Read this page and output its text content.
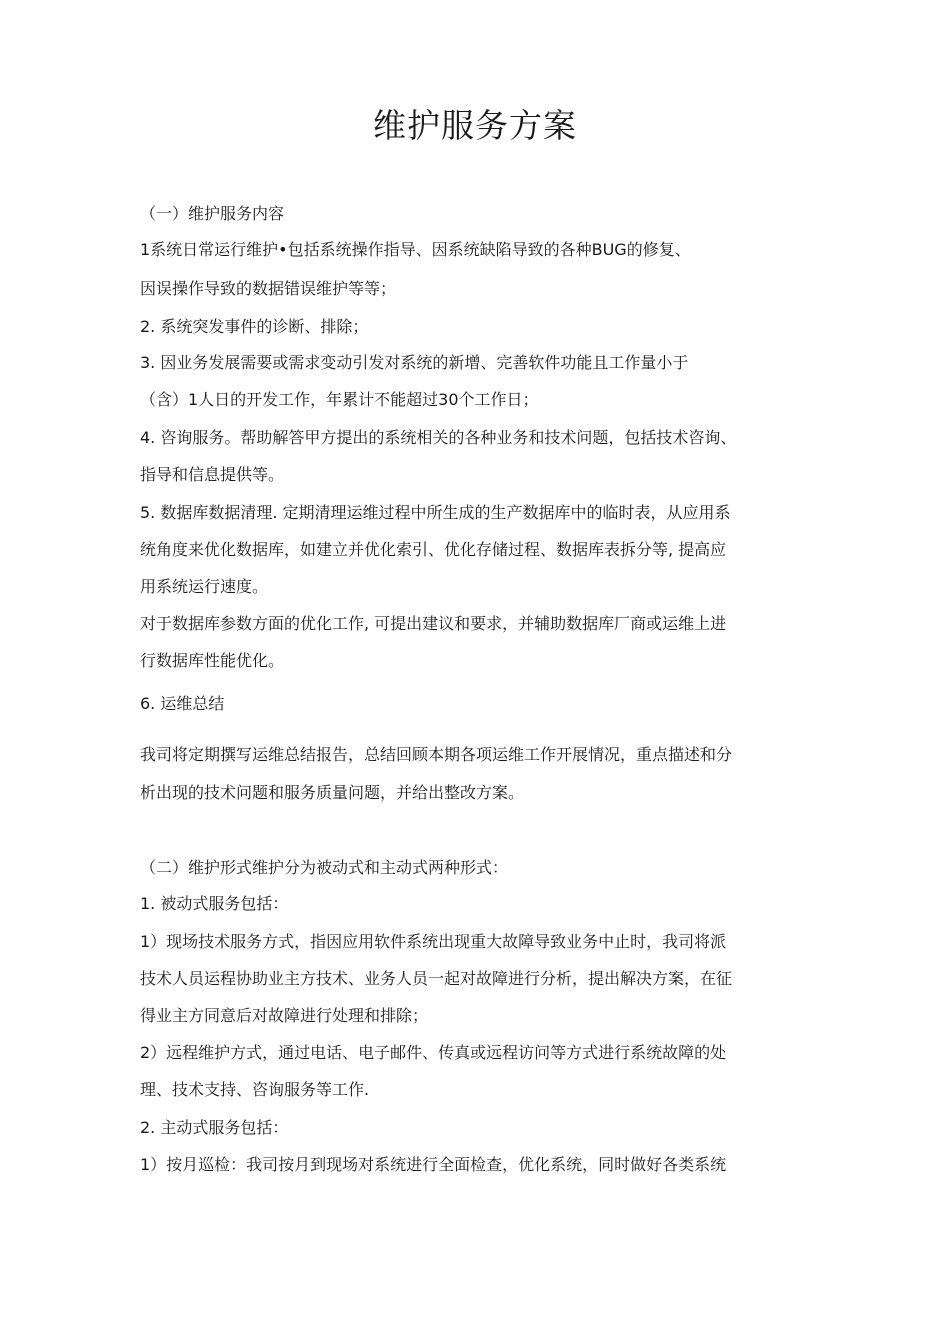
维护服务方案

（一）维护服务内容

1系统日常运行维护•包括系统操作指导、因系统缺陷导致的各种BUG的修复、

因误操作导致的数据错误维护等等；

2. 系统突发事件的诊断、排除；

3. 因业务发展需要或需求变动引发对系统的新增、完善软件功能且工作量小于

（含）1人日的开发工作，年累计不能超过30个工作日；

4. 咨询服务。帮助解答甲方提出的系统相关的各种业务和技术问题，包括技术咨询、

指导和信息提供等。

5. 数据库数据清理. 定期清理运维过程中所生成的生产数据库中的临时表，从应用系

统角度来优化数据库，如建立并优化索引、优化存储过程、数据库表拆分等, 提高应

用系统运行速度。

对于数据库参数方面的优化工作, 可提出建议和要求，并辅助数据库厂商或运维上进

行数据库性能优化。

6. 运维总结

我司将定期撰写运维总结报告，总结回顾本期各项运维工作开展情况，重点描述和分

析出现的技术问题和服务质量问题，并给出整改方案。

（二）维护形式维护分为被动式和主动式两种形式：

1. 被动式服务包括：

1）现场技术服务方式，指因应用软件系统出现重大故障导致业务中止时，我司将派

技术人员运程协助业主方技术、业务人员一起对故障进行分析，提出解决方案，在征

得业主方同意后对故障进行处理和排除；

2）远程维护方式，通过电话、电子邮件、传真或远程访问等方式进行系统故障的处

理、技术支持、咨询服务等工作.

2. 主动式服务包括：

1）按月巡检：我司按月到现场对系统进行全面检查，优化系统，同时做好各类系统
